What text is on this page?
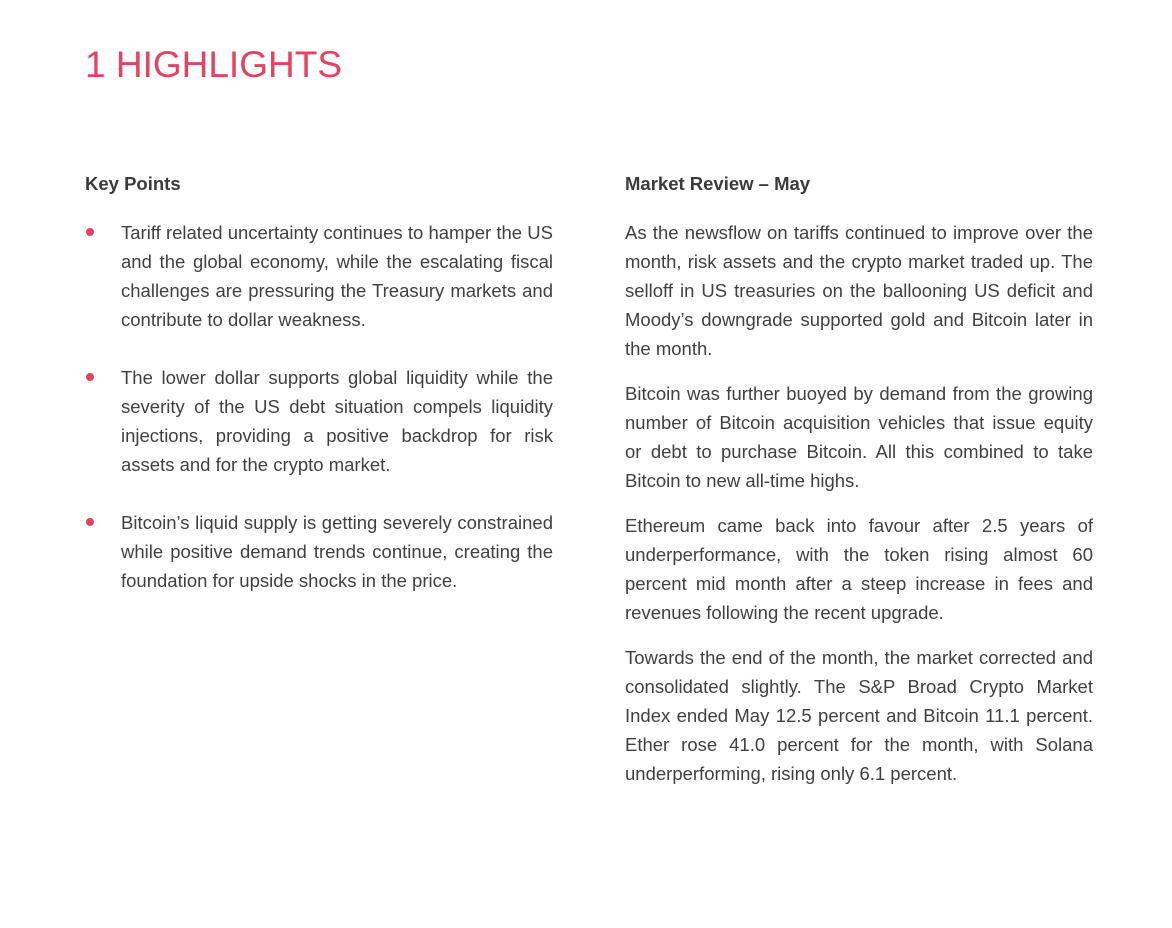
1 HIGHLIGHTS
Key Points

Tariff related uncertainty continues to hamper the US and the global economy, while the escalating fiscal challenges are pressuring the Treasury markets and contribute to dollar weakness.

The lower dollar supports global liquidity while the severity of the US debt situation compels liquidity injections, providing a positive backdrop for risk assets and for the crypto market.

Bitcoin’s liquid supply is getting severely constrained while positive demand trends continue, creating the foundation for upside shocks in the price.

Market Review – May

As the newsflow on tariffs continued to improve over the month, risk assets and the crypto market traded up. The selloff in US treasuries on the ballooning US deficit and Moody’s downgrade supported gold and Bitcoin later in the month.

Bitcoin was further buoyed by demand from the growing number of Bitcoin acquisition vehicles that issue equity or debt to purchase Bitcoin. All this combined to take Bitcoin to new all-time highs.

Ethereum came back into favour after 2.5 years of underperformance, with the token rising almost 60 percent mid month after a steep increase in fees and revenues following the recent upgrade.

Towards the end of the month, the market corrected and consolidated slightly. The S&P Broad Crypto Market Index ended May 12.5 percent and Bitcoin 11.1 percent. Ether rose 41.0 percent for the month, with Solana underperforming, rising only 6.1 percent.
